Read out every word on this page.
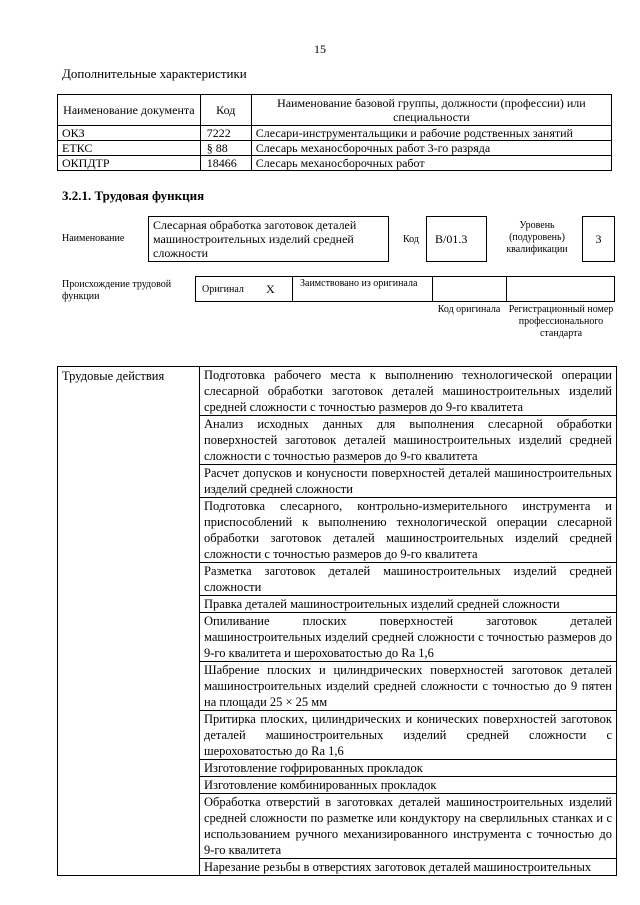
15
Дополнительные характеристики
Наименование документа	Код	Наименование базовой группы, должности (профессии) или специальности
ОКЗ	7222	Слесари-инструментальщики и рабочие родственных занятий
ЕТКС	§ 88	Слесарь механосборочных работ 3-го разряда
ОКПДТР	18466	Слесарь механосборочных работ
3.2.1. Трудовая функция
Наименование
Слесарная обработка заготовок деталей машиностроительных изделий средней сложности
Код	B/01.3
Уровень (подуровень) квалификации
3
Происхождение трудовой функции
Оригинал X	Заимствовано из оригинала
Код оригинала Регистрационный номер профессионального стандарта
Трудовые действия	Подготовка рабочего места к выполнению технологической операции слесарной обработки заготовок деталей машиностроительных изделий средней сложности с точностью размеров до 9-го квалитета
Анализ исходных данных для выполнения слесарной обработки поверхностей заготовок деталей машиностроительных изделий средней сложности с точностью размеров до 9-го квалитета
Расчет допусков и конусности поверхностей деталей машиностроительных изделий средней сложности
Подготовка слесарного, контрольно-измерительного инструмента и приспособлений к выполнению технологической операции слесарной обработки заготовок деталей машиностроительных изделий средней сложности с точностью размеров до 9-го квалитета
Разметка заготовок деталей машиностроительных изделий средней сложности
Правка деталей машиностроительных изделий средней сложности
Опиливание плоских поверхностей заготовок деталей машиностроительных изделий средней сложности с точностью размеров до 9-го квалитета и шероховатостью до Ra 1,6
Шабрение плоских и цилиндрических поверхностей заготовок деталей машиностроительных изделий средней сложности с точностью до 9 пятен на площади 25 × 25 мм
Притирка плоских, цилиндрических и конических поверхностей заготовок деталей машиностроительных изделий средней сложности с шероховатостью до Ra 1,6
Изготовление гофрированных прокладок
Изготовление комбинированных прокладок
Обработка отверстий в заготовках деталей машиностроительных изделий средней сложности по разметке или кондуктору на сверлильных станках и с использованием ручного механизированного инструмента с точностью до 9-го квалитета
Нарезание резьбы в отверстиях заготовок деталей машиностроительных
